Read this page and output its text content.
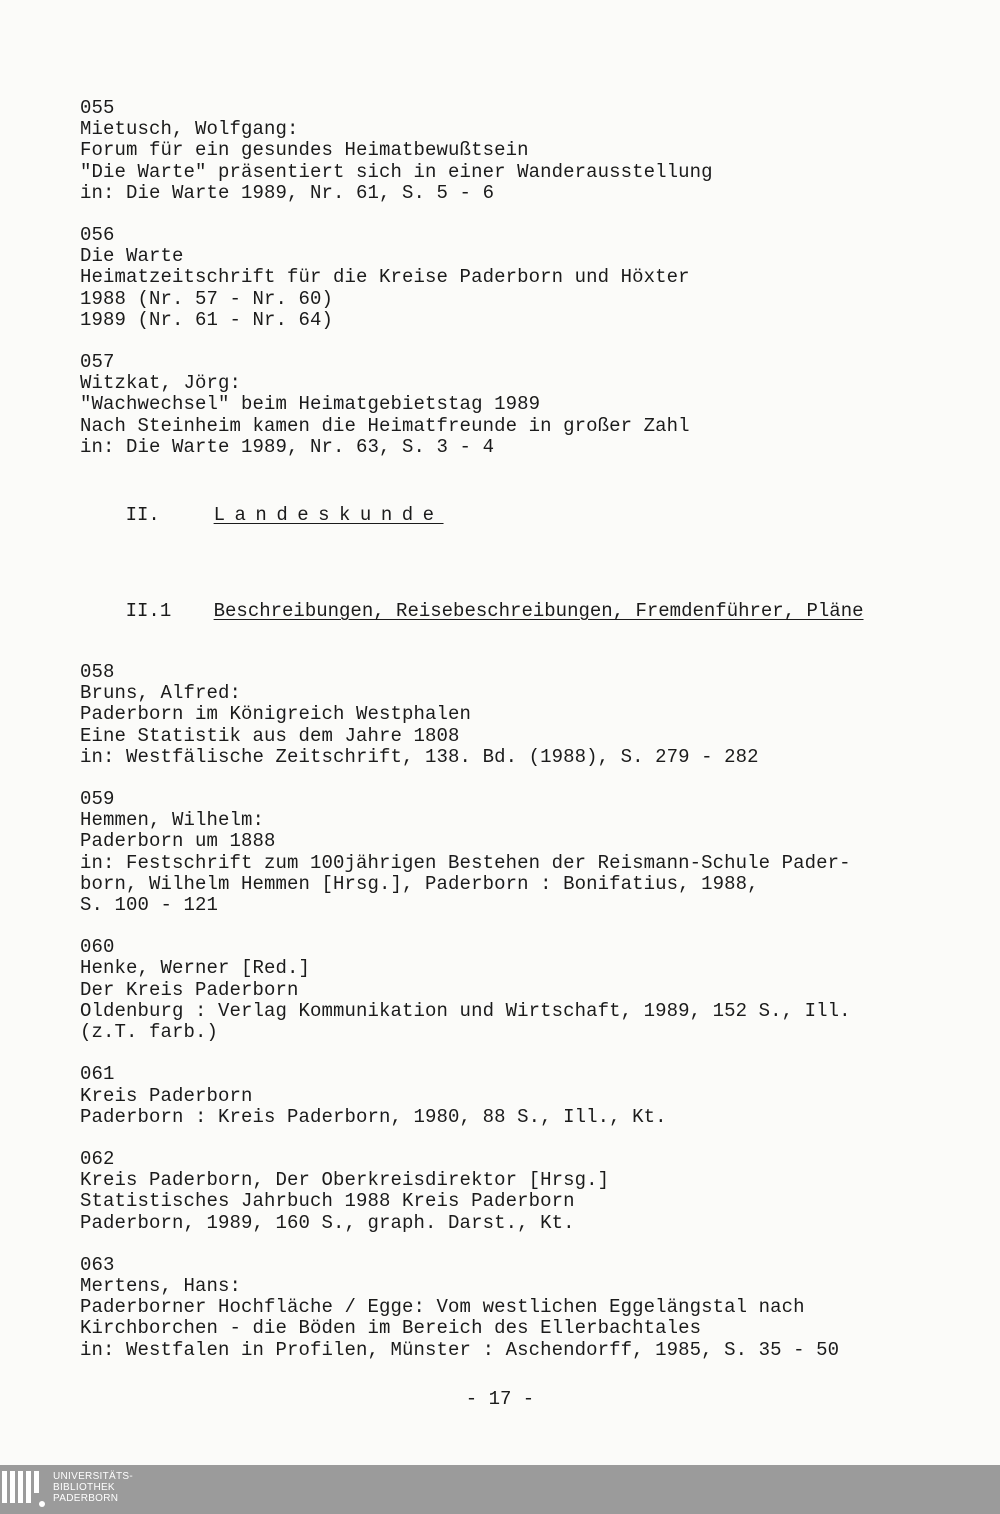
055
Mietusch, Wolfgang:
Forum für ein gesundes Heimatbewußtsein
"Die Warte" präsentiert sich in einer Wanderausstellung
in: Die Warte 1989, Nr. 61, S. 5 - 6
056
Die Warte
Heimatzeitschrift für die Kreise Paderborn und Höxter
1988 (Nr. 57 - Nr. 60)
1989 (Nr. 61 - Nr. 64)
057
Witzkat, Jörg:
"Wachwechsel" beim Heimatgebietstag 1989
Nach Steinheim kamen die Heimatfreunde in großer Zahl
in: Die Warte 1989, Nr. 63, S. 3 - 4

II.	Landeskunde

II.1 Beschreibungen, Reisebeschreibungen, Fremdenführer, Pläne

058
Bruns, Alfred:
Paderborn im Königreich Westphalen
Eine Statistik aus dem Jahre 1808
in: Westfälische Zeitschrift, 138. Bd. (1988), S. 279 - 282
059
Hemmen, Wilhelm:
Paderborn um 1888
in: Festschrift zum 100jährigen Bestehen der Reismann-Schule Pader-
born, Wilhelm Hemmen [Hrsg.], Paderborn : Bonifatius, 1988,
S. 100 - 121
060
Henke, Werner [Red.]
Der Kreis Paderborn
Oldenburg : Verlag Kommunikation und Wirtschaft, 1989, 152 S., Ill.
(z.T. farb.)
061
Kreis Paderborn
Paderborn : Kreis Paderborn, 1980, 88 S., Ill., Kt.
062
Kreis Paderborn, Der Oberkreisdirektor [Hrsg.]
Statistisches Jahrbuch 1988 Kreis Paderborn
Paderborn, 1989, 160 S., graph. Darst., Kt.
063
Mertens, Hans:
Paderborner Hochfläche / Egge: Vom westlichen Eggelängstal nach
Kirchborchen - die Böden im Bereich des Ellerbachtales
in: Westfalen in Profilen, Münster : Aschendorff, 1985, S. 35 - 50
- 17 -
UNIVERSITÄTS-
BIBLIOTHEK
PADERBORN
